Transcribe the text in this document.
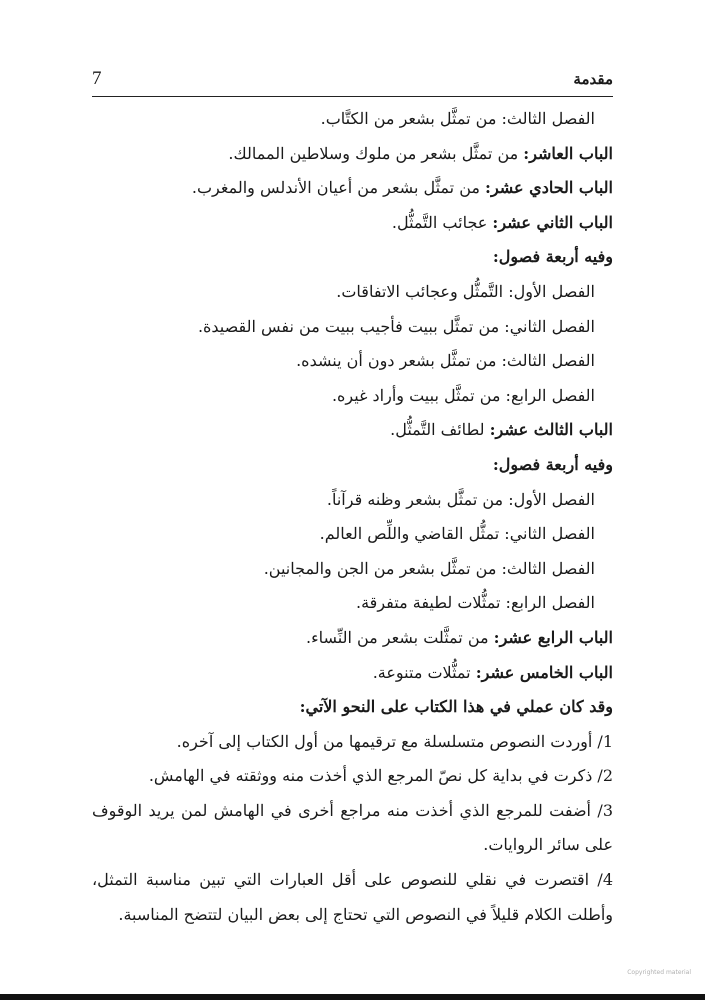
7	مقدمة
الفصل الثالث: من تمثَّل بشعر من الكتَّاب.
الباب العاشر: من تمثَّل بشعر من ملوك وسلاطين الممالك.
الباب الحادي عشر: من تمثَّل بشعر من أعيان الأندلس والمغرب.
الباب الثاني عشر: عجائب التَّمثُّل.
وفيه أربعة فصول:
الفصل الأول: التَّمثُّل وعجائب الاتفاقات.
الفصل الثاني: من تمثَّل ببيت فأجيب ببيت من نفس القصيدة.
الفصل الثالث: من تمثَّل بشعر دون أن ينشده.
الفصل الرابع: من تمثَّل ببيت وأراد غيره.
الباب الثالث عشر: لطائف التَّمثُّل.
وفيه أربعة فصول:
الفصل الأول: من تمثَّل بشعر وظنه قرآناً.
الفصل الثاني: تمثُّل القاضي واللِّص العالم.
الفصل الثالث: من تمثَّل بشعر من الجن والمجانين.
الفصل الرابع: تمثُّلات لطيفة متفرقة.
الباب الرابع عشر: من تمثَّلت بشعر من النِّساء.
الباب الخامس عشر: تمثُّلات متنوعة.
وقد كان عملي في هذا الكتاب على النحو الآتي:
1/ أوردت النصوص متسلسلة مع ترقيمها من أول الكتاب إلى آخره.
2/ ذكرت في بداية كل نصّ المرجع الذي أخذت منه ووثقته في الهامش.
3/ أضفت للمرجع الذي أخذت منه مراجع أخرى في الهامش لمن يريد الوقوف على سائر الروايات.
4/ اقتصرت في نقلي للنصوص على أقل العبارات التي تبين مناسبة التمثل، وأطلت الكلام قليلاً في النصوص التي تحتاج إلى بعض البيان لتتضح المناسبة.
Copyrighted material
